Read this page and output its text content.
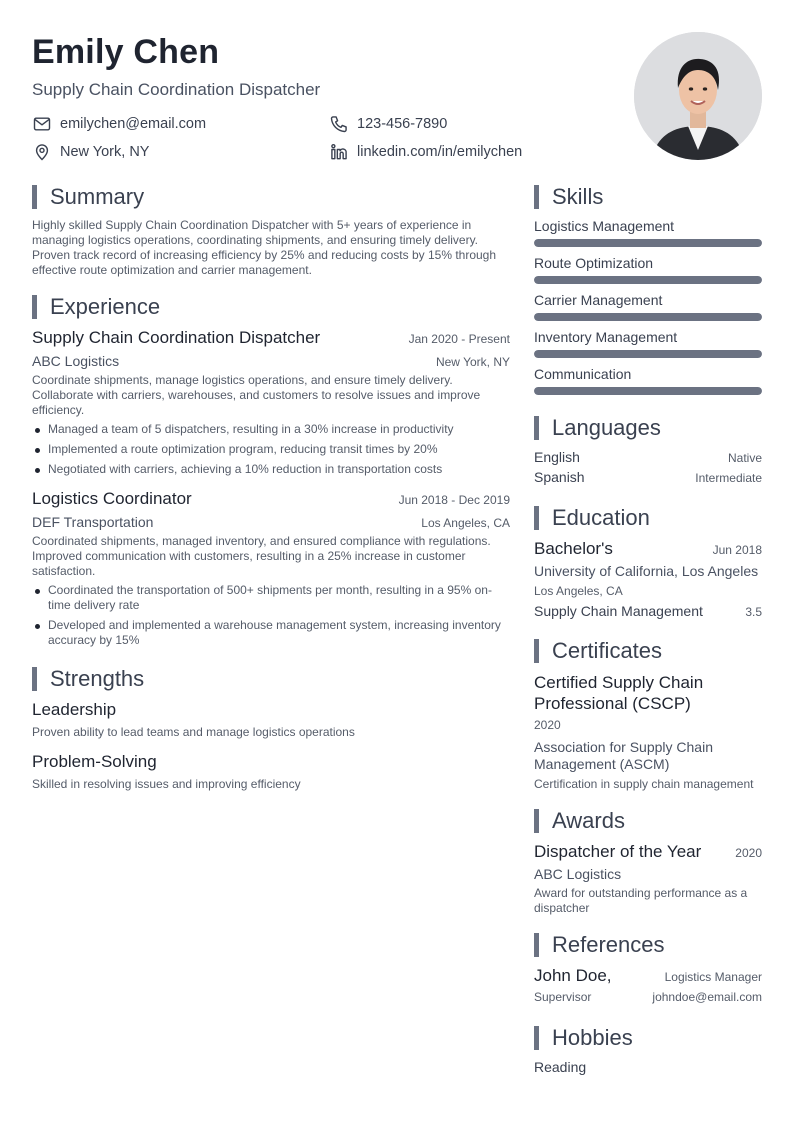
Emily Chen
Supply Chain Coordination Dispatcher
emilychen@email.com	123-456-7890
New York, NY	linkedin.com/in/emilychen
Summary

Highly skilled Supply Chain Coordination Dispatcher with 5+ years of experience in managing logistics operations, coordinating shipments, and ensuring timely delivery. Proven track record of increasing efficiency by 25% and reducing costs by 15% through effective route optimization and carrier management.

Experience
Supply Chain Coordination Dispatcher	Jan 2020 - Present
ABC Logistics	New York, NY

Coordinate shipments, manage logistics operations, and ensure timely delivery. Collaborate with carriers, warehouses, and customers to resolve issues and improve efficiency.

Managed a team of 5 dispatchers, resulting in a 30% increase in productivity
Implemented a route optimization program, reducing transit times by 20%
Negotiated with carriers, achieving a 10% reduction in transportation costs
Logistics Coordinator	Jun 2018 - Dec 2019
DEF Transportation	Los Angeles, CA

Coordinated shipments, managed inventory, and ensured compliance with regulations. Improved communication with customers, resulting in a 25% increase in customer satisfaction.

Coordinated the transportation of 500+ shipments per month, resulting in a 95% on-time delivery rate
Developed and implemented a warehouse management system, increasing inventory accuracy by 15%
Strengths
Leadership

Proven ability to lead teams and manage logistics operations

Problem-Solving

Skilled in resolving issues and improving efficiency

Skills
Logistics Management
Route Optimization
Carrier Management
Inventory Management
Communication
Languages
English	Native
Spanish	Intermediate
Education
Bachelor's	Jun 2018
University of California, Los Angeles
Los Angeles, CA
Supply Chain Management	3.5
Certificates
Certified Supply Chain Professional (CSCP)
2020
Association for Supply Chain Management (ASCM)
Certification in supply chain management
Awards
Dispatcher of the Year	2020
ABC Logistics
Award for outstanding performance as a dispatcher
References
John Doe,	Logistics Manager
Supervisor	johndoe@email.com
Hobbies
Reading
